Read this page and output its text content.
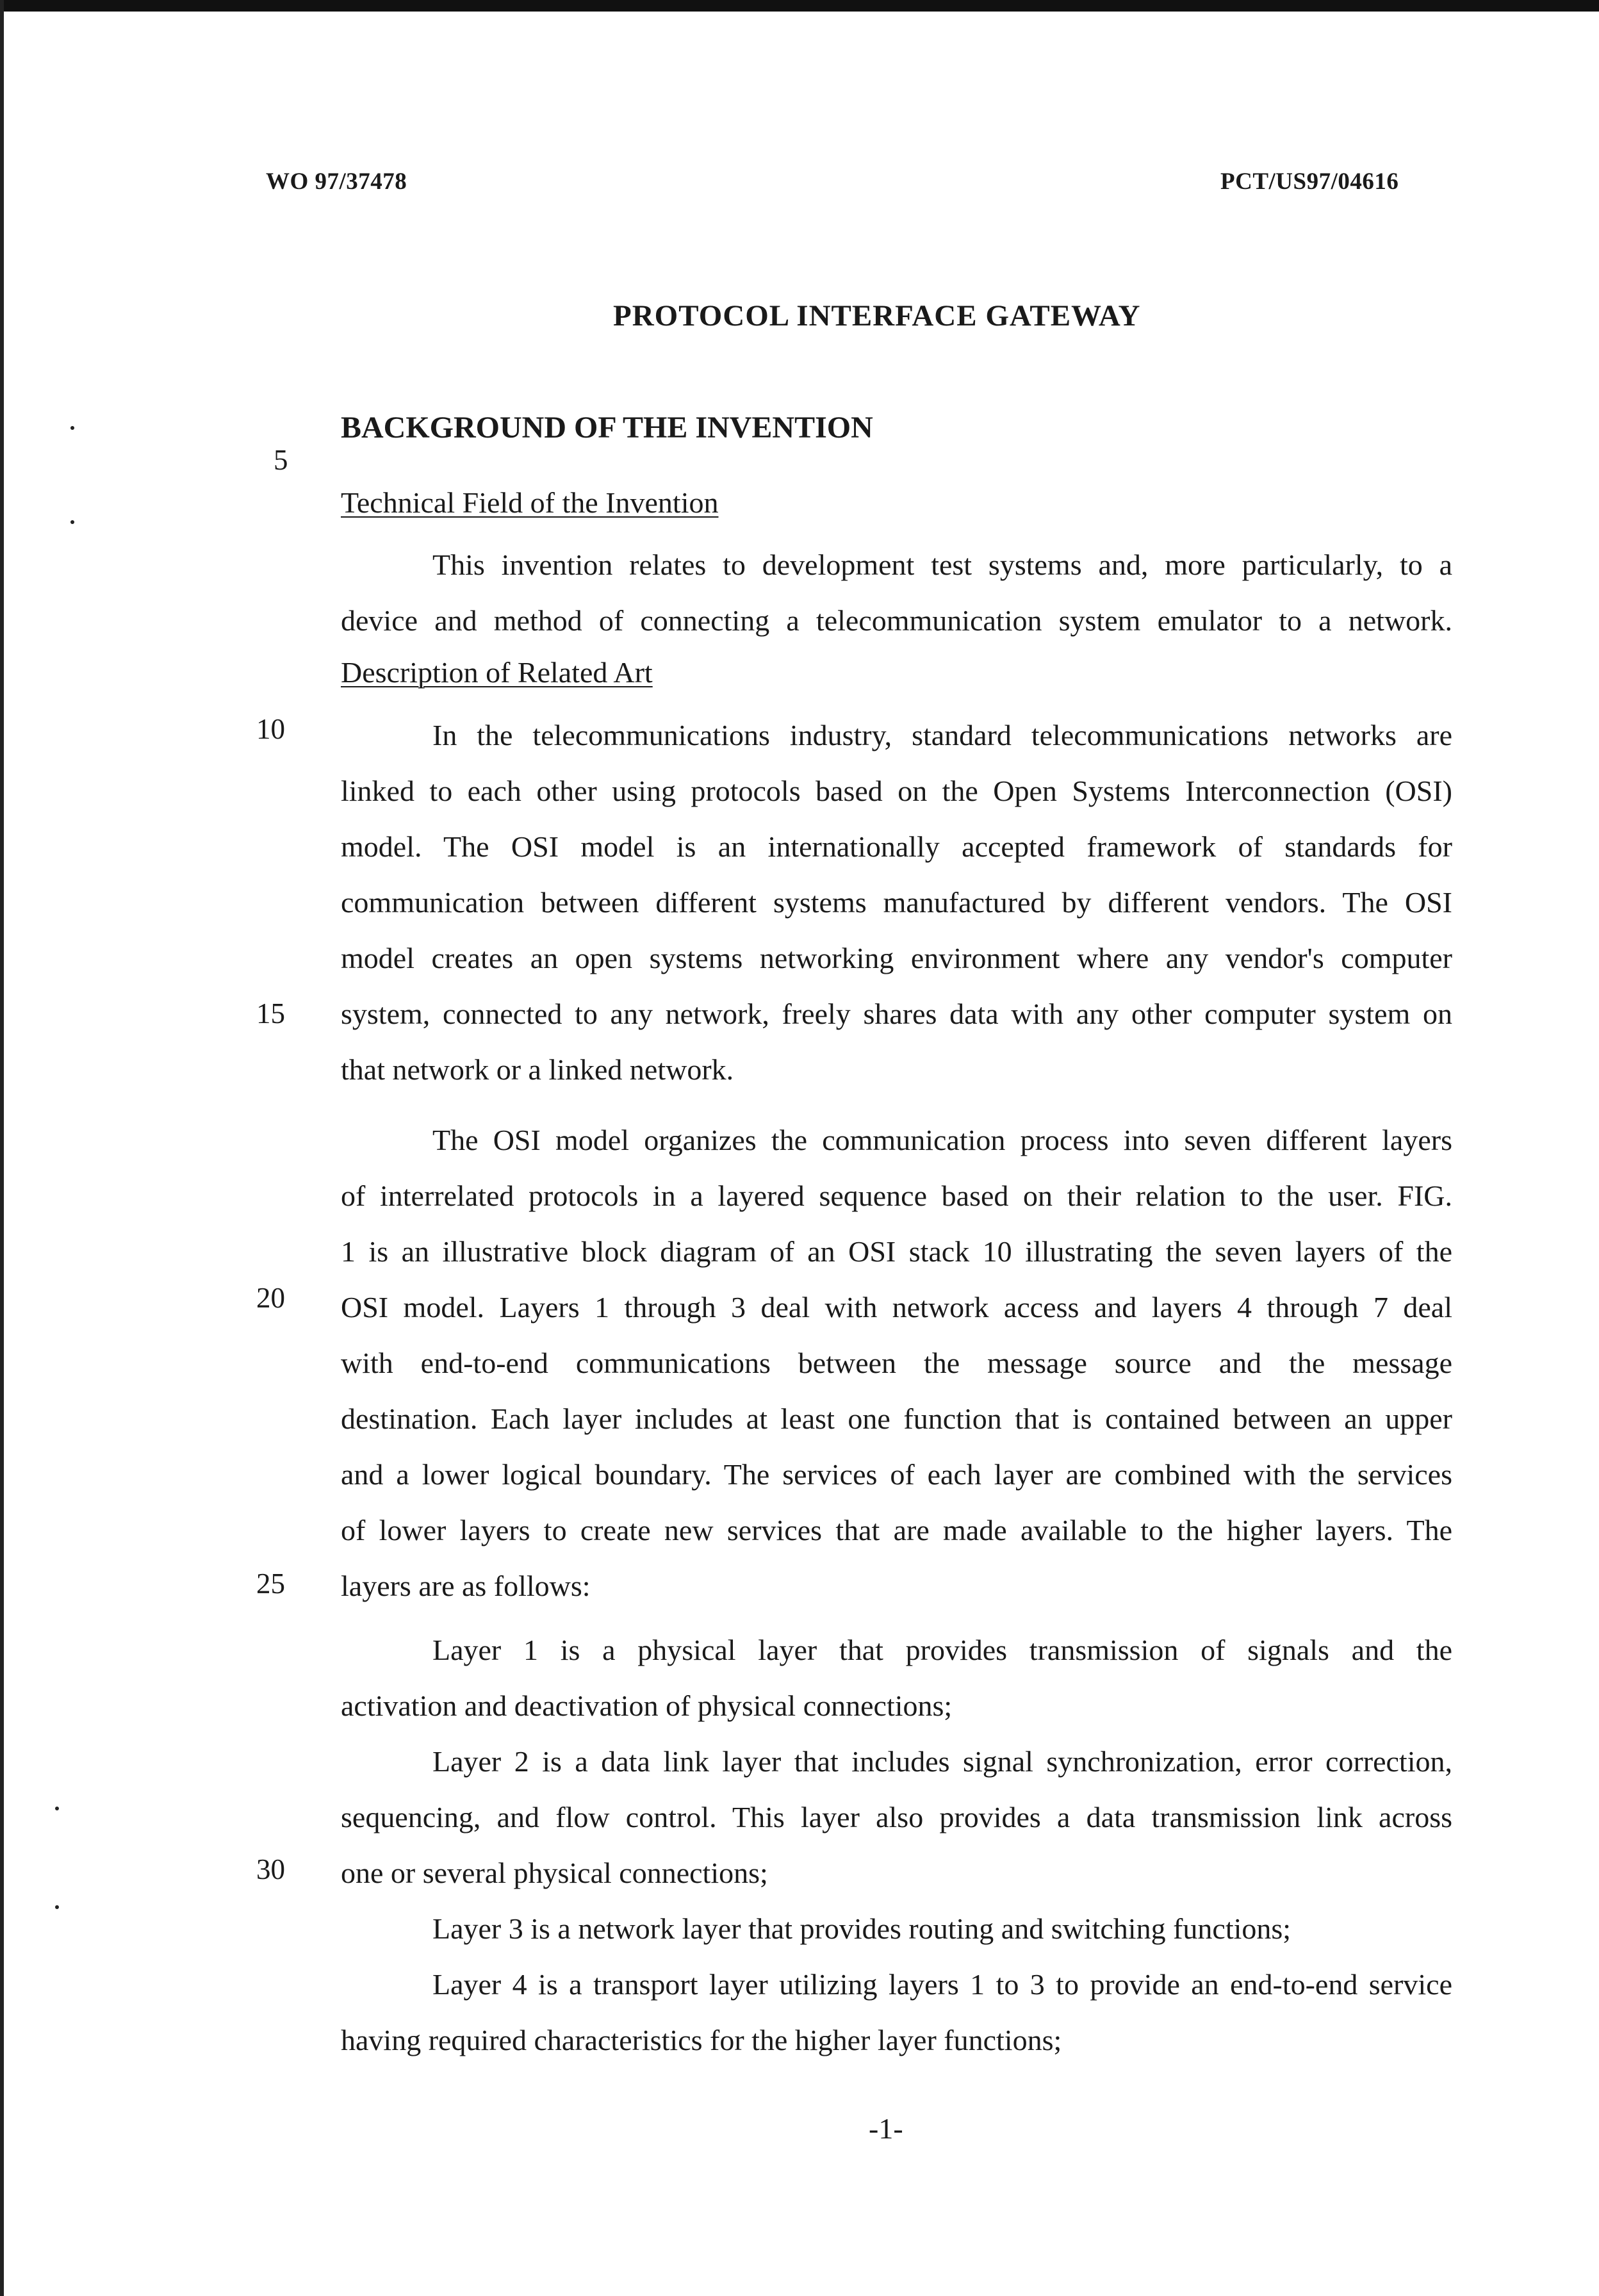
WO 97/37478	PCT/US97/04616
PROTOCOL INTERFACE GATEWAY
BACKGROUND OF THE INVENTION
Technical Field of the Invention
This invention relates to development test systems and, more particularly, to a
device and method of connecting a telecommunication system emulator to a network.
Description of Related Art
In the telecommunications industry, standard telecommunications networks are
linked to each other using protocols based on the Open Systems Interconnection (OSI)
model. The OSI model is an internationally accepted framework of standards for
communication between different systems manufactured by different vendors. The OSI
model creates an open systems networking environment where any vendor's computer
system, connected to any network, freely shares data with any other computer system on
that network or a linked network.
The OSI model organizes the communication process into seven different layers
of interrelated protocols in a layered sequence based on their relation to the user. FIG.
1 is an illustrative block diagram of an OSI stack 10 illustrating the seven layers of the
OSI model. Layers 1 through 3 deal with network access and layers 4 through 7 deal
with end-to-end communications between the message source and the message
destination. Each layer includes at least one function that is contained between an upper
and a lower logical boundary. The services of each layer are combined with the services
of lower layers to create new services that are made available to the higher layers. The
layers are as follows:
Layer 1 is a physical layer that provides transmission of signals and the
activation and deactivation of physical connections;
Layer 2 is a data link layer that includes signal synchronization, error correction,
sequencing, and flow control. This layer also provides a data transmission link across
one or several physical connections;
Layer 3 is a network layer that provides routing and switching functions;
Layer 4 is a transport layer utilizing layers 1 to 3 to provide an end-to-end service
having required characteristics for the higher layer functions;
5
10
15
20
25
30
-1-
